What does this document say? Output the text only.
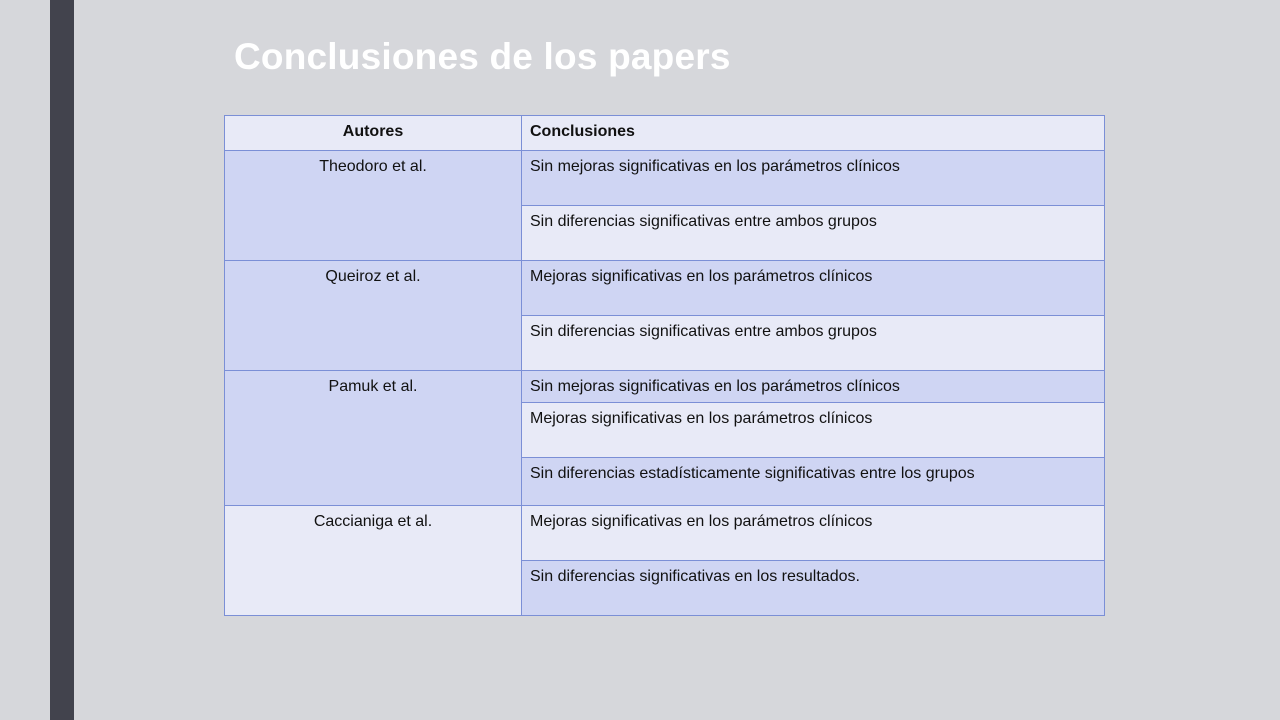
Conclusiones de los papers
Autores	Conclusiones
Theodoro et al.	Sin mejoras significativas en los parámetros clínicos
	Sin diferencias significativas entre ambos grupos
Queiroz et al.	Mejoras significativas en los parámetros clínicos
	Sin diferencias significativas entre ambos grupos
Pamuk et al.	Sin mejoras significativas en los parámetros clínicos
	Mejoras significativas en los parámetros clínicos
	Sin diferencias estadísticamente significativas entre los grupos
Caccianiga et al.	Mejoras significativas en los parámetros clínicos
	Sin diferencias significativas en los resultados.
